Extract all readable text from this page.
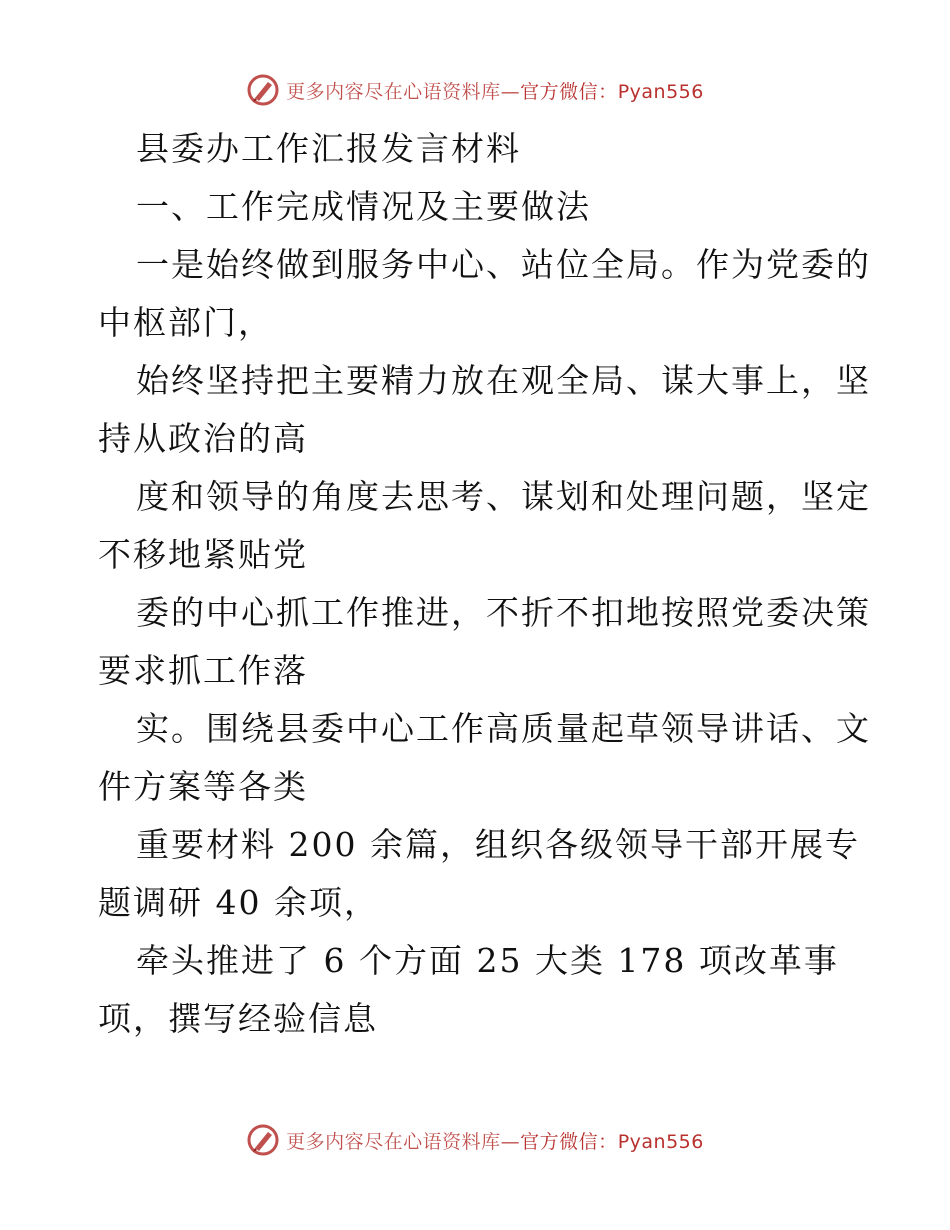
更多内容尽在心语资料库—官方微信：Pyan556
县委办工作汇报发言材料
一、工作完成情况及主要做法
一是始终做到服务中心、站位全局。作为党委的
中枢部门，
始终坚持把主要精力放在观全局、谋大事上，坚
持从政治的高
度和领导的角度去思考、谋划和处理问题，坚定
不移地紧贴党
委的中心抓工作推进，不折不扣地按照党委决策
要求抓工作落
实。围绕县委中心工作高质量起草领导讲话、文
件方案等各类
重要材料 200 余篇，组织各级领导干部开展专
题调研 40 余项，
牵头推进了 6 个方面 25 大类 178 项改革事
项，撰写经验信息
更多内容尽在心语资料库—官方微信：Pyan556
